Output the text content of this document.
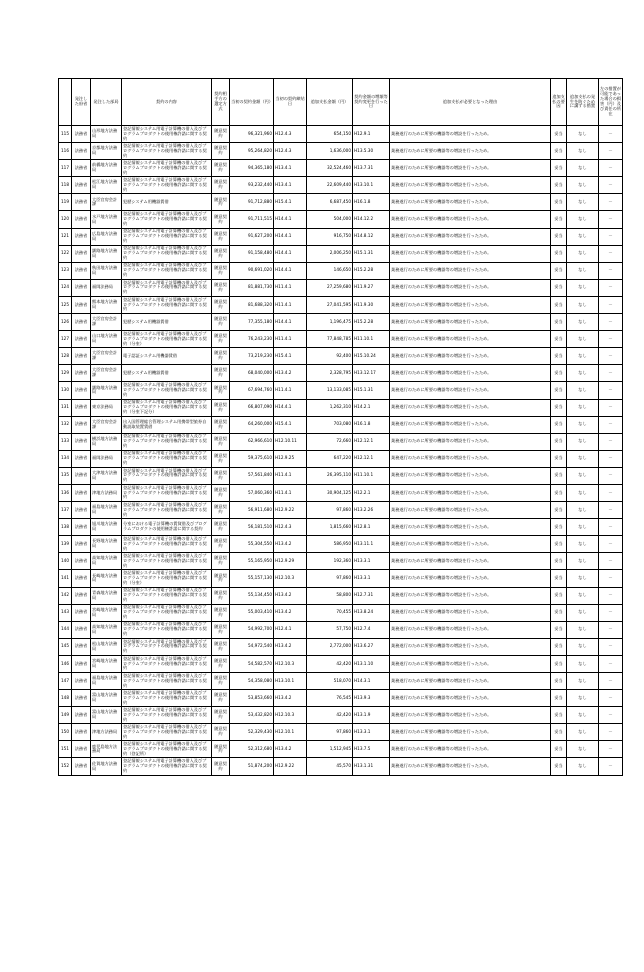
	発注した府省	発注した部局	契約の内容	契約相手方の選定方式	当初の契約金額（円）	当初の契約締結日	追加支払金額（円）	契約金額の増額等契約変更を行った日	追加支払が必要となった理由	追加支払の要因	追加支払の発生を防ぐために講ずる措置	左の措置が可能であった場合の損害（円）及び責任の所在
115	法務省	山形地方法務局	登記情報システム用電子計算機の借入及びプログラムプロダクトの使用権許諾に関する契約	随意契約	96,321,960	H12.4.3	654,150	H12.9.1	業務遂行のために所要の機器等の増設を行ったため。	妥当	なし	－
116	法務省	京都地方法務局	登記情報システム用電子計算機の借入及びプログラムプロダクトの使用権許諾に関する契約	随意契約	95,264,820	H12.4.3	1,636,000	H13.5.30	業務遂行のために所要の機器等の増設を行ったため。	妥当	なし	－
117	法務省	前橋地方法務局	登記情報システム用電子計算機の借入及びプログラムプロダクトの使用権許諾に関する契約	随意契約	94,365,180	H13.4.1	32,524,460	H13.7.31	業務遂行のために所要の機器等の増設を行ったため。	妥当	なし	－
118	法務省	松江地方法務局	登記情報システム用電子計算機の借入及びプログラムプロダクトの使用権許諾に関する契約	随意契約	93,232,440	H13.4.1	22,609,440	H13.10.1	業務遂行のために所要の機器等の増設を行ったため。	妥当	なし	－
119	法務省	大臣官房会計課	犯歴システム用機器賃借	随意契約	91,712,880	H15.4.1	6,687,450	H16.1.8	業務遂行のために所要の機器等の増設を行ったため。	妥当	なし	－
120	法務省	水戸地方法務局	登記情報システム用電子計算機の借入及びプログラムプロダクトの使用権許諾に関する契約	随意契約	91,711,515	H14.4.1	504,000	H14.12.2	業務遂行のために所要の機器等の増設を行ったため。	妥当	なし	－
121	法務省	広島地方法務局	登記情報システム用電子計算機の借入及びプログラムプロダクトの使用権許諾に関する契約	随意契約	91,627,200	H14.4.1	916,750	H14.8.12	業務遂行のために所要の機器等の増設を行ったため。	妥当	なし	－
122	法務省	釧路地方法務局	登記情報システム用電子計算機の借入及びプログラムプロダクトの使用権許諾に関する契約	随意契約	91,158,480	H14.4.1	2,006,250	H15.1.31	業務遂行のために所要の機器等の増設を行ったため。	妥当	なし	－
123	法務省	秋田地方法務局	登記情報システム用電子計算機の借入及びプログラムプロダクトの使用権許諾に関する契約	随意契約	90,691,020	H14.4.1	146,650	H15.2.28	業務遂行のために所要の機器等の増設を行ったため。	妥当	なし	－
124	法務省	福岡法務局	登記情報システム用電子計算機の借入及びプログラムプロダクトの使用権許諾に関する契約	随意契約	81,881,730	H11.4.1	27,259,680	H11.9.27	業務遂行のために所要の機器等の増設を行ったため。	妥当	なし	－
125	法務省	熊本地方法務局	登記情報システム用電子計算機の借入及びプログラムプロダクトの使用権許諾に関する契約	随意契約	81,688,320	H11.4.1	27,041,595	H11.9.30	業務遂行のために所要の機器等の増設を行ったため。	妥当	なし	－
126	法務省	大臣官房会計課	犯歴システム用機器賃借	随意契約	77,355,180	H14.4.1	1,196,475	H15.2.28	業務遂行のために所要の機器等の増設を行ったため。	妥当	なし	－
127	法務省	山口地方法務局	登記情報システム用電子計算機の借入及びプログラムプロダクトの使用権許諾に関する契約（分室）	随意契約	76,243,230	H11.4.1	77,848,785	H11.10.1	業務遂行のために所要の機器等の増設を行ったため。	妥当	なし	－
128	法務省	大臣官房会計課	電子認証システム用機器賃借	随意契約	73,219,230	H15.4.1	92,400	H15.10.24	業務遂行のために所要の機器等の増設を行ったため。	妥当	なし	－
129	法務省	大臣官房会計課	犯歴システム用機器賃借	随意契約	68,040,000	H13.4.2	2,328,795	H13.12.17	業務遂行のために所要の機器等の増設を行ったため。	妥当	なし	－
130	法務省	釧路地方法務局	登記情報システム用電子計算機の借入及びプログラムプロダクトの使用権許諾に関する契約	随意契約	67,694,760	H11.4.1	13,133,085	H15.1.31	業務遂行のために所要の機器等の増設を行ったため。	妥当	なし	－
131	法務省	東京法務局	登記情報システム用電子計算機の借入及びプログラムプロダクトの使用権許諾に関する契約（分室下記分）	随意契約	66,807,090	H14.4.1	1,262,310	H14.2.1	業務遂行のために所要の機器等の増設を行ったため。	妥当	なし	－
132	法務省	大臣官房会計課	出入国管理総合管理システム用携帯型旅券自動読取装置賃借	随意契約	64,260,000	H15.4.1	703,080	H16.1.8	業務遂行のために所要の機器等の増設を行ったため。	妥当	なし	－
133	法務省	横浜地方法務局	登記情報システム用電子計算機の借入及びプログラムプロダクトの使用権許諾に関する契約	随意契約	62,966,610	H12.10.11	72,660	H12.12.1	業務遂行のために所要の機器等の増設を行ったため。	妥当	なし	－
134	法務省	福岡法務局	登記情報システム用電子計算機の借入及びプログラムプロダクトの使用権許諾に関する契約	随意契約	59,375,610	H12.9.25	647,220	H12.12.1	業務遂行のために所要の機器等の増設を行ったため。	妥当	なし	－
135	法務省	大津地方法務局	登記情報システム用電子計算機の借入及びプログラムプロダクトの使用権許諾に関する契約	随意契約	57,561,840	H11.4.1	26,395,110	H11.10.1	業務遂行のために所要の機器等の増設を行ったため。	妥当	なし	－
136	法務省	津地方法務局	登記情報システム用電子計算機の借入及びプログラムプロダクトの使用権許諾に関する契約	随意契約	57,060,360	H11.4.1	30,904,125	H12.2.1	業務遂行のために所要の機器等の増設を行ったため。	妥当	なし	－
137	法務省	福島地方法務局	登記情報システム用電子計算機の借入及びプログラムプロダクトの使用権許諾に関する契約	随意契約	56,911,680	H12.9.22	97,860	H13.2.26	業務遂行のために所要の機器等の増設を行ったため。	妥当	なし	－
138	法務省	旭川地方法務局	分室における電子計算機の賃貸借及びプログラムプロダクトの使用権許諾に関する契約	随意契約	56,181,510	H12.4.3	1,815,660	H12.8.1	業務遂行のために所要の機器等の増設を行ったため。	妥当	なし	－
139	法務省	長野地方法務局	登記情報システム用電子計算機の借入及びプログラムプロダクトの使用権許諾に関する契約	随意契約	55,304,550	H13.4.2	586,950	H13.11.1	業務遂行のために所要の機器等の増設を行ったため。	妥当	なし	－
140	法務省	高知地方法務局	登記情報システム用電子計算機の借入及びプログラムプロダクトの使用権許諾に関する契約	随意契約	55,165,950	H12.9.29	192,360	H13.3.1	業務遂行のために所要の機器等の増設を行ったため。	妥当	なし	－
141	法務省	長崎地方法務局	登記情報システム用電子計算機の借入及びプログラムプロダクトの使用権許諾に関する契約（分室）	随意契約	55,157,130	H12.10.3	97,860	H13.3.1	業務遂行のために所要の機器等の増設を行ったため。	妥当	なし	－
142	法務省	青森地方法務局	登記情報システム用電子計算機の借入及びプログラムプロダクトの使用権許諾に関する契約	随意契約	55,134,450	H13.4.2	58,800	H12.7.31	業務遂行のために所要の機器等の増設を行ったため。	妥当	なし	－
143	法務省	宮崎地方法務局	登記情報システム用電子計算機の借入及びプログラムプロダクトの使用権許諾に関する契約	随意契約	55,003,410	H13.4.2	70,455	H13.8.24	業務遂行のために所要の機器等の増設を行ったため。	妥当	なし	－
144	法務省	高知地方法務局	登記情報システム用電子計算機の借入及びプログラムプロダクトの使用権許諾に関する契約	随意契約	54,992,700	H12.4.1	57,750	H12.7.4	業務遂行のために所要の機器等の増設を行ったため。	妥当	なし	－
145	法務省	松山地方法務局	登記情報システム用電子計算機の借入及びプログラムプロダクトの使用権許諾に関する契約	随意契約	54,972,540	H13.4.2	2,772,000	H13.6.27	業務遂行のために所要の機器等の増設を行ったため。	妥当	なし	－
146	法務省	宮崎地方法務局	登記情報システム用電子計算機の借入及びプログラムプロダクトの使用権許諾に関する契約	随意契約	54,582,570	H12.10.3	42,420	H13.1.10	業務遂行のために所要の機器等の増設を行ったため。	妥当	なし	－
147	法務省	福島地方法務局	登記情報システム用電子計算機の借入及びプログラムプロダクトの使用権許諾に関する契約	随意契約	54,358,080	H13.10.1	518,070	H14.3.1	業務遂行のために所要の機器等の増設を行ったため。	妥当	なし	－
148	法務省	富山地方法務局	登記情報システム用電子計算機の借入及びプログラムプロダクトの使用権許諾に関する契約	随意契約	53,853,660	H13.4.2	76,545	H13.9.3	業務遂行のために所要の機器等の増設を行ったため。	妥当	なし	－
149	法務省	富山地方法務局	登記情報システム用電子計算機の借入及びプログラムプロダクトの使用権許諾に関する契約	随意契約	53,432,820	H12.10.3	42,420	H13.1.9	業務遂行のために所要の機器等の増設を行ったため。	妥当	なし	－
150	法務省	津地方法務局	登記情報システム用電子計算機の借入及びプログラムプロダクトの使用権許諾に関する契約	随意契約	52,329,430	H12.10.1	97,860	H13.3.1	業務遂行のために所要の機器等の増設を行ったため。	妥当	なし	－
151	法務省	鹿児島地方法務局	登記情報システム用電子計算機の借入及びプログラムプロダクトの使用権許諾に関する契約（登記所）	随意契約	52,312,680	H13.4.2	1,512,945	H13.7.5	業務遂行のために所要の機器等の増設を行ったため。	妥当	なし	－
152	法務省	佐賀地方法務局	登記情報システム用電子計算機の借入及びプログラムプロダクトの使用権許諾に関する契約	随意契約	51,874,200	H12.9.22	45,570	H13.1.31	業務遂行のために所要の機器等の増設を行ったため。	妥当	なし	－
